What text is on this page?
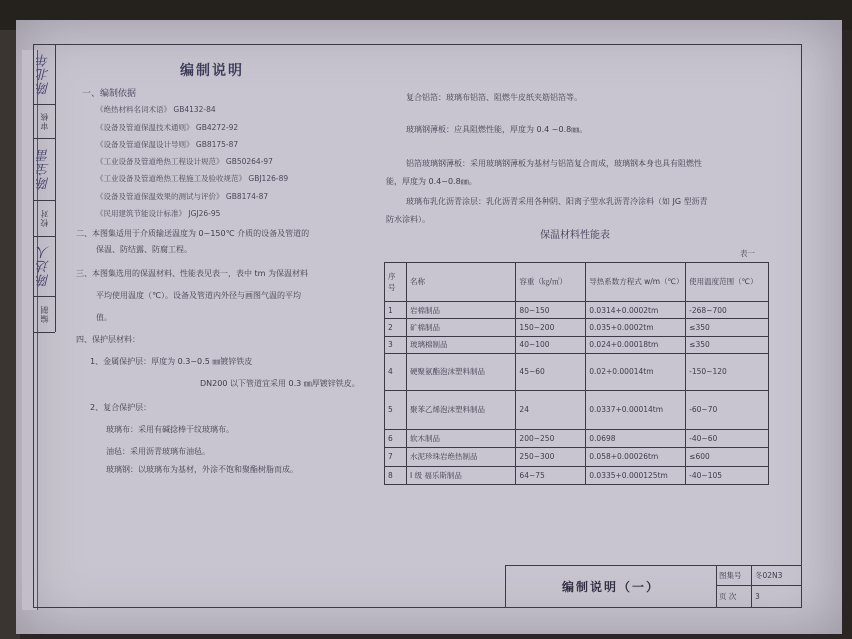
陈北年
审核
陈宝雷
校对
陈达人
编制
编制说明
一、编制依据
《绝热材料名词术语》 GB4132-84
《设备及管道保温技术通则》 GB4272-92
《设备及管道保温设计导则》 GB8175-87
《工业设备及管道绝热工程设计规范》 GB50264-97
《工业设备及管道绝热工程施工及验收规范》 GBJ126-89
《设备及管道保温效果的测试与评价》 GB8174-87
《民用建筑节能设计标准》 JGJ26-95
二、本图集适用于介质输送温度为 0~150℃ 介质的设备及管道的
保温、防结露、防腐工程。
三、本图集选用的保温材料、性能表见表一，表中 tm 为保温材料
平均使用温度（℃）。设备及管道内外径与画图气温的平均
值。
四、保护层材料：
1、金属保护层：厚度为 0.3~0.5 ㎜镀锌铁皮
DN200 以下管道宜采用 0.3 ㎜厚镀锌铁皮。
2、复合保护层：
玻璃布：采用有碱捻棒干纹玻璃布。
油毡：采用沥青玻璃布油毡。
玻璃钢：以玻璃布为基材，外涂不饱和聚酯树脂而成。
复合铝箔：玻璃布铝箔、阻燃牛皮纸夹筋铝箔等。
玻璃钢薄板：应具阻燃性能，厚度为 0.4 ~0.8㎜。
铝箔玻璃钢薄板：采用玻璃钢薄板为基材与铝箔复合而成，玻璃钢本身也具有阻燃性
能，厚度为 0.4~0.8㎜。
玻璃布乳化沥青涂层：乳化沥青采用各种阴、阳离子型水乳沥青冷涂料（如 JG 型沥青
防水涂料）。
保温材料性能表
表一
序号	名称	容重（㎏/㎥）	导热系数方程式 w/m（℃）	使用温度范围（℃）
1	岩棉制品	80~150	0.0314+0.0002tm	-268~700
2	矿棉制品	150~200	0.035+0.0002tm	≤350
3	玻璃棉制品	40~100	0.024+0.00018tm	≤350
4	硬聚氨酯泡沫塑料制品	45~60	0.02+0.00014tm	-150~120
5	聚苯乙烯泡沫塑料制品	24	0.0337+0.00014tm	-60~70
6	软木制品	200~250	0.0698	-40~60
7	水泥珍珠岩绝热制品	250~300	0.058+0.00026tm	≤600
8	I 级 福乐斯制品	64~75	0.0335+0.000125tm	-40~105
编制说明（一）
图集号	冬02N3
页 次	3
